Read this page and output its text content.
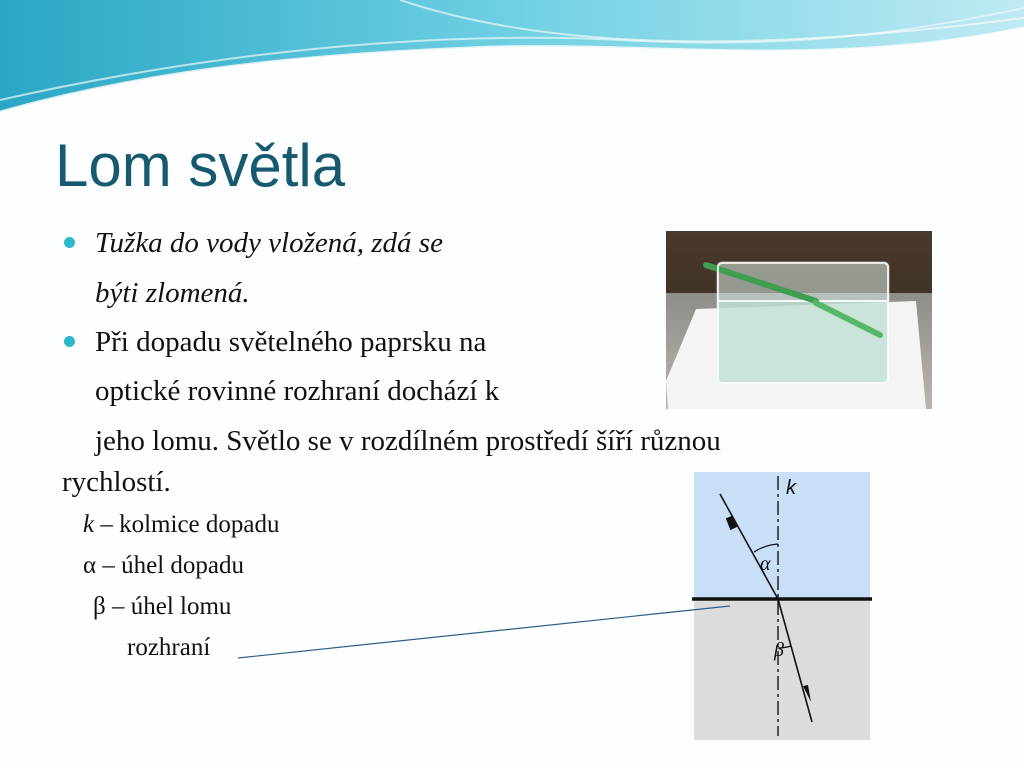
Lom světla
Tužka do vody vložená, zdá se
býti zlomená.
Při dopadu světelného paprsku na
optické rovinné rozhraní dochází k
jeho lomu. Světlo se v rozdílném prostředí šíří různou
rychlostí.
k – kolmice dopadu
α – úhel dopadu
β – úhel lomu
rozhraní
k
α
β
